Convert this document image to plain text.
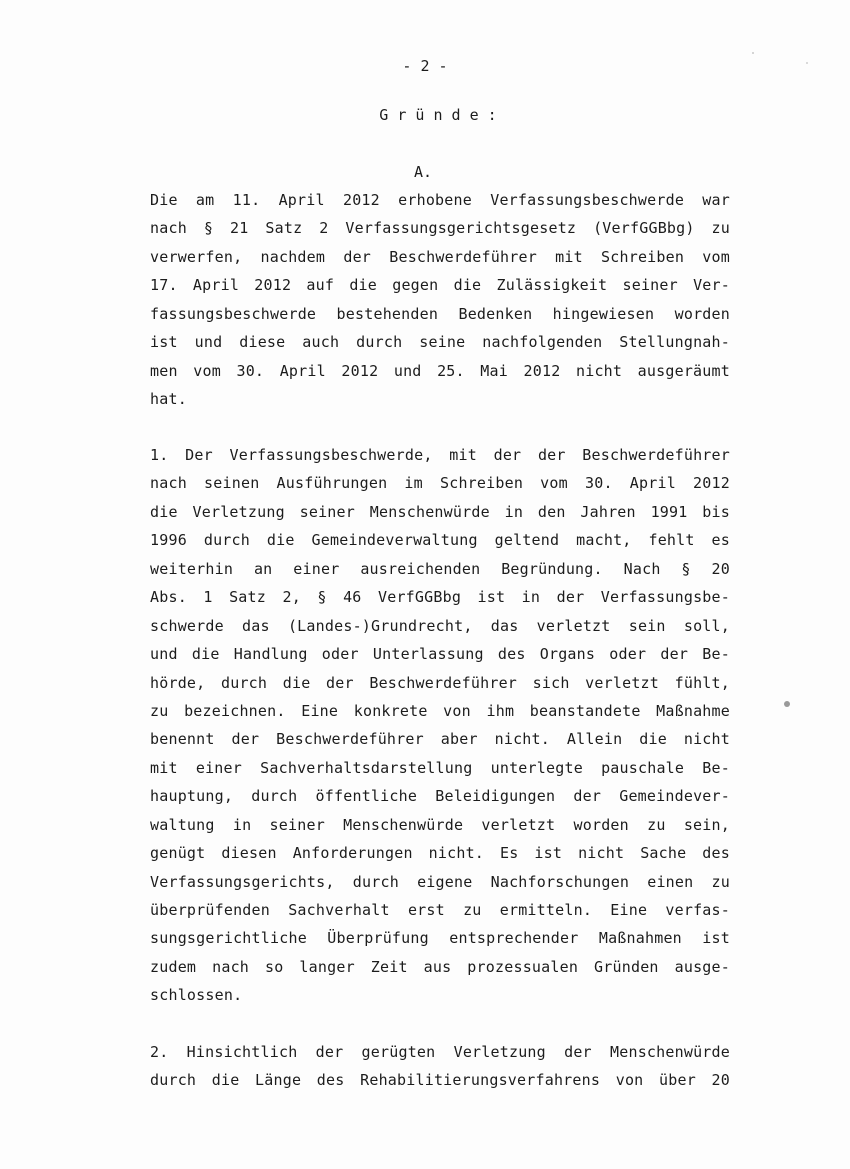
- 2 -
G r ü n d e :
A.
Die am 11. April 2012 erhobene Verfassungsbeschwerde war
nach § 21 Satz 2 Verfassungsgerichtsgesetz (VerfGGBbg) zu
verwerfen, nachdem der Beschwerdeführer mit Schreiben vom
17. April 2012 auf die gegen die Zulässigkeit seiner Ver-
fassungsbeschwerde bestehenden Bedenken hingewiesen worden
ist und diese auch durch seine nachfolgenden Stellungnah-
men vom 30. April 2012 und 25. Mai 2012 nicht ausgeräumt
hat.
1. Der Verfassungsbeschwerde, mit der der Beschwerdeführer
nach seinen Ausführungen im Schreiben vom 30. April 2012
die Verletzung seiner Menschenwürde in den Jahren 1991 bis
1996 durch die Gemeindeverwaltung geltend macht, fehlt es
weiterhin an einer ausreichenden Begründung. Nach § 20
Abs. 1 Satz 2, § 46 VerfGGBbg ist in der Verfassungsbe-
schwerde das (Landes-)Grundrecht, das verletzt sein soll,
und die Handlung oder Unterlassung des Organs oder der Be-
hörde, durch die der Beschwerdeführer sich verletzt fühlt,
zu bezeichnen. Eine konkrete von ihm beanstandete Maßnahme
benennt der Beschwerdeführer aber nicht. Allein die nicht
mit einer Sachverhaltsdarstellung unterlegte pauschale Be-
hauptung, durch öffentliche Beleidigungen der Gemeindever-
waltung in seiner Menschenwürde verletzt worden zu sein,
genügt diesen Anforderungen nicht. Es ist nicht Sache des
Verfassungsgerichts, durch eigene Nachforschungen einen zu
überprüfenden Sachverhalt erst zu ermitteln. Eine verfas-
sungsgerichtliche Überprüfung entsprechender Maßnahmen ist
zudem nach so langer Zeit aus prozessualen Gründen ausge-
schlossen.
2. Hinsichtlich der gerügten Verletzung der Menschenwürde
durch die Länge des Rehabilitierungsverfahrens von über 20
